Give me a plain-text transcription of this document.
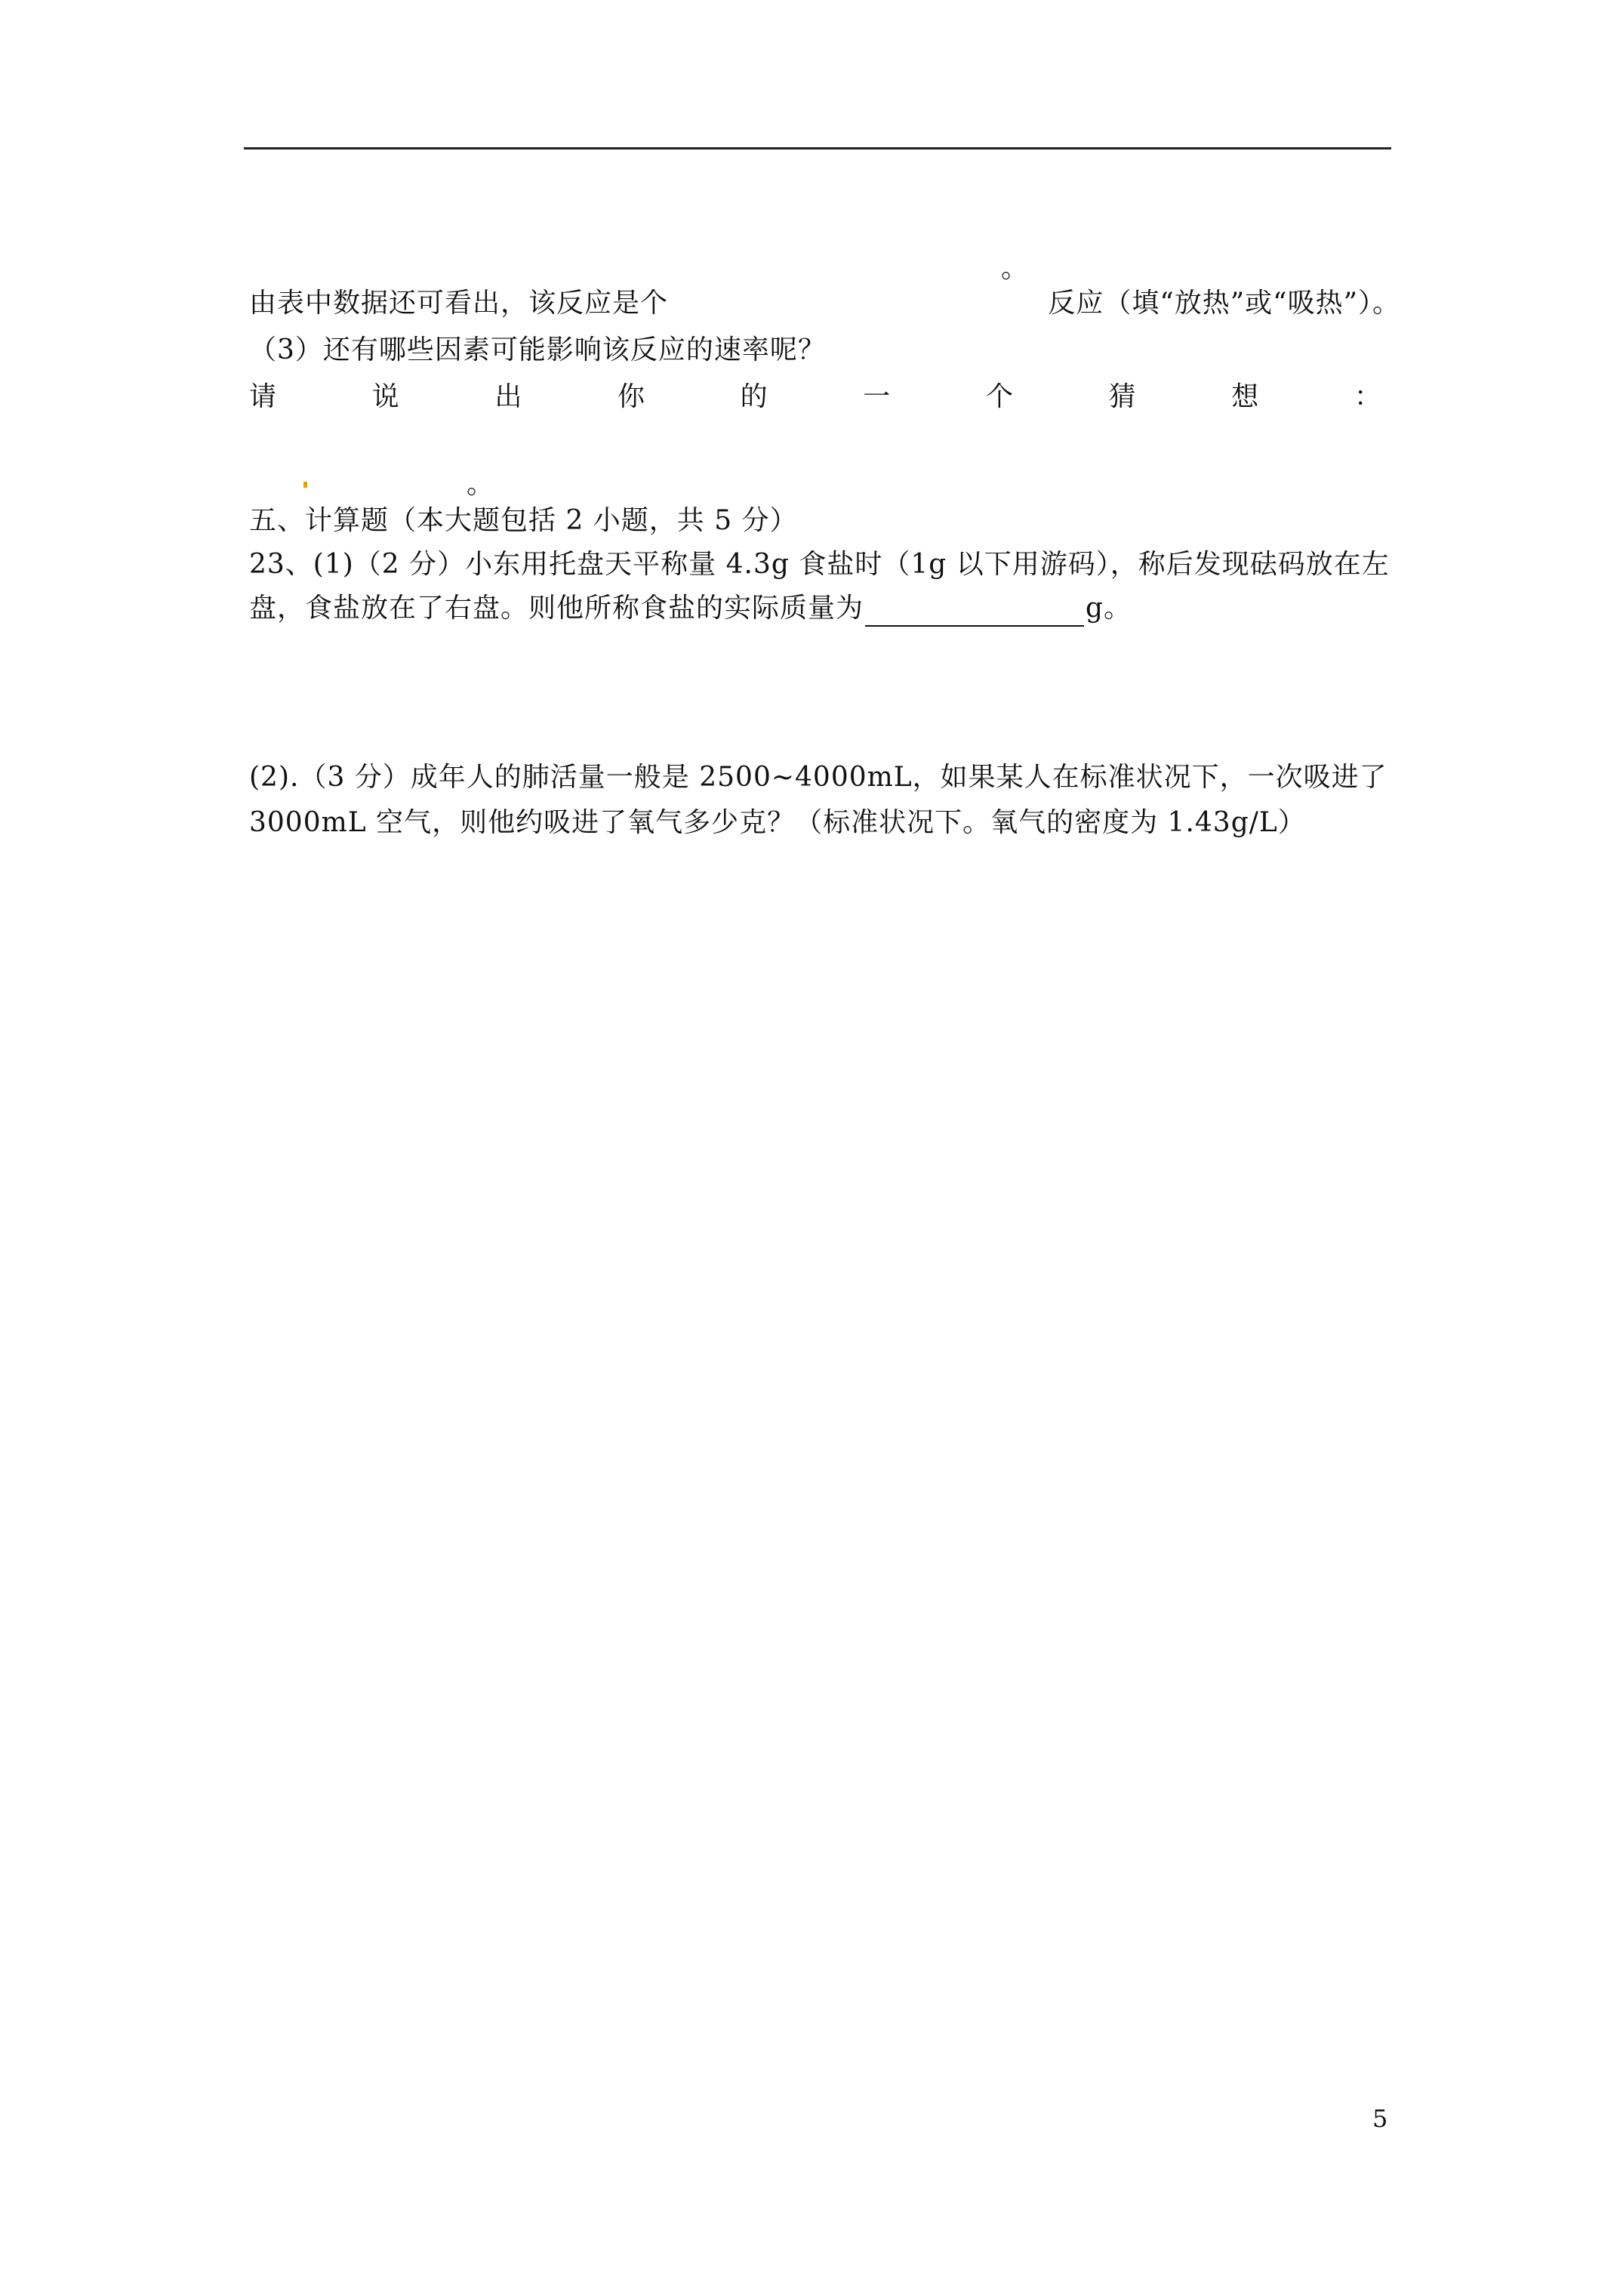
。
由表中数据还可看出，该反应是个	反应（填“放热”或“吸热”）。
（3）还有哪些因素可能影响该反应的速率呢？
请	说	出	你	的	一	个	猜	想	：
。
五、计算题（本大题包括 2 小题，共 5 分）
23、(1)（2 分）小东用托盘天平称量 4.3g 食盐时（1g 以下用游码），称后发现砝码放在左
盘，食盐放在了右盘。则他所称食盐的实际质量为	g。
(2).（3 分）成年人的肺活量一般是 2500~4000mL，如果某人在标准状况下，一次吸进了
3000mL 空气，则他约吸进了氧气多少克？（标准状况下。氧气的密度为 1.43g/L）
5
